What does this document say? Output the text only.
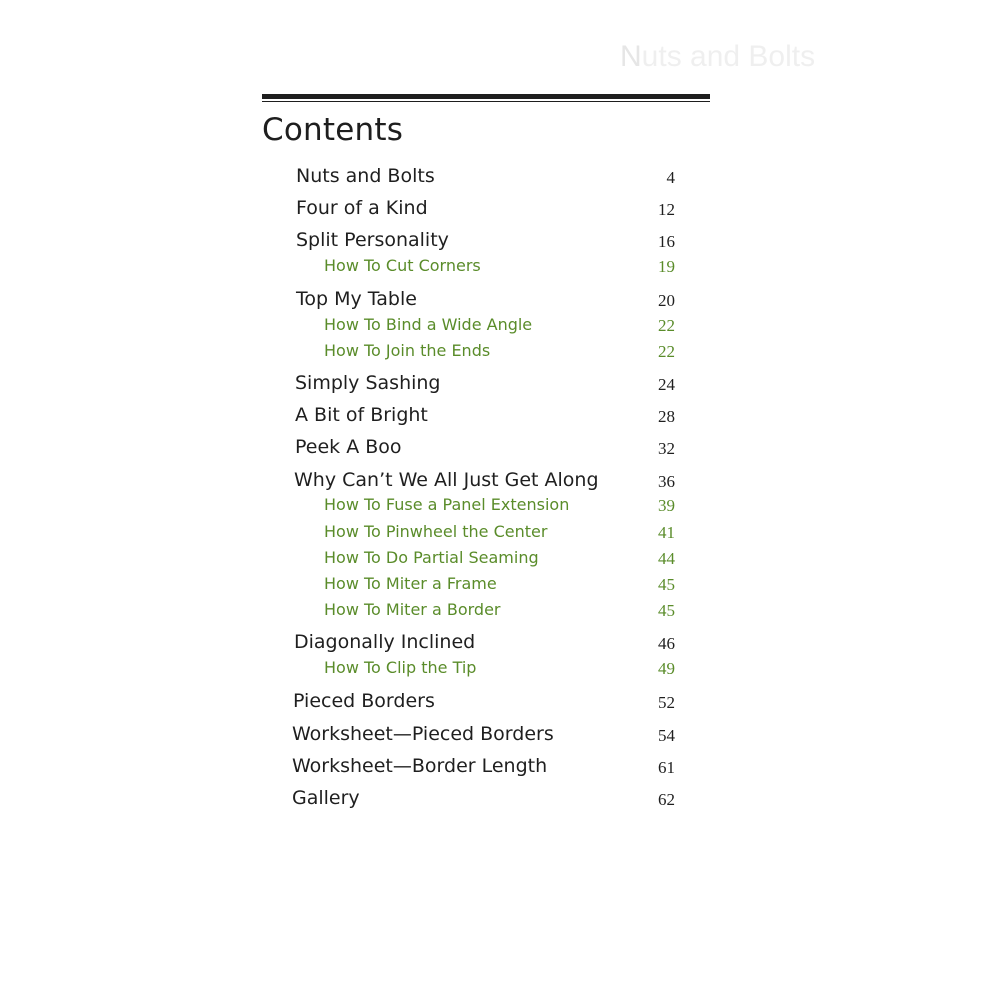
Nuts and Bolts
Contents
Nuts and Bolts	4
Four of a Kind	12
Split Personality	16
How To Cut Corners	19
Top My Table	20
How To Bind a Wide Angle	22
How To Join the Ends	22
Simply Sashing	24
A Bit of Bright	28
Peek A Boo	32
Why Can’t We All Just Get Along	36
How To Fuse a Panel Extension	39
How To Pinwheel the Center	41
How To Do Partial Seaming	44
How To Miter a Frame	45
How To Miter a Border	45
Diagonally Inclined	46
How To Clip the Tip	49
Pieced Borders	52
Worksheet—Pieced Borders	54
Worksheet—Border Length	61
Gallery	62
